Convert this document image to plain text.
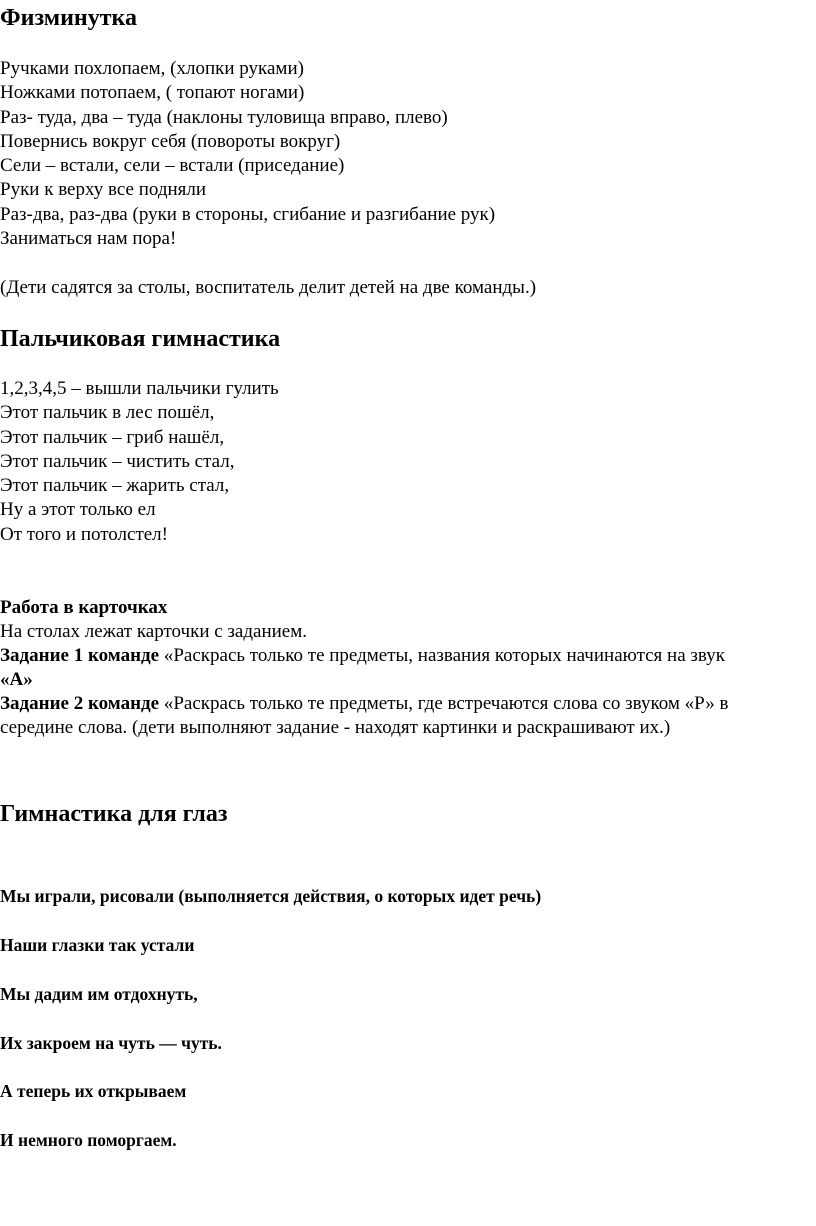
Физминутка
Ручками похлопаем, (хлопки руками)
Ножками потопаем, ( топают ногами)
Раз- туда, два – туда (наклоны туловища вправо, плево)
Повернись вокруг себя (повороты вокруг)
Сели – встали, сели – встали (приседание)
Руки к верху все подняли
Раз-два, раз-два (руки в стороны, сгибание и разгибание рук)
Заниматься нам пора!
(Дети садятся за столы, воспитатель делит детей на две команды.)
Пальчиковая гимнастика
1,2,3,4,5 – вышли пальчики гулить
Этот пальчик в лес пошёл,
Этот пальчик – гриб нашёл,
Этот пальчик – чистить стал,
Этот пальчик – жарить стал,
Ну а этот только ел
От того и потолстел!
Работа в карточках
На столах лежат карточки с заданием.
Задание 1 команде «Раскрась только те предметы, названия которых начинаются на звук
«А»
Задание 2 команде «Раскрась только те предметы, где встречаются слова со звуком «Р» в
середине слова. (дети выполняют задание - находят картинки и раскрашивают их.)
Гимнастика для глаз
Мы играли, рисовали (выполняется действия, о которых идет речь)
Наши глазки так устали
Мы дадим им отдохнуть,
Их закроем на чуть — чуть.
А теперь их открываем
И немного поморгаем.
